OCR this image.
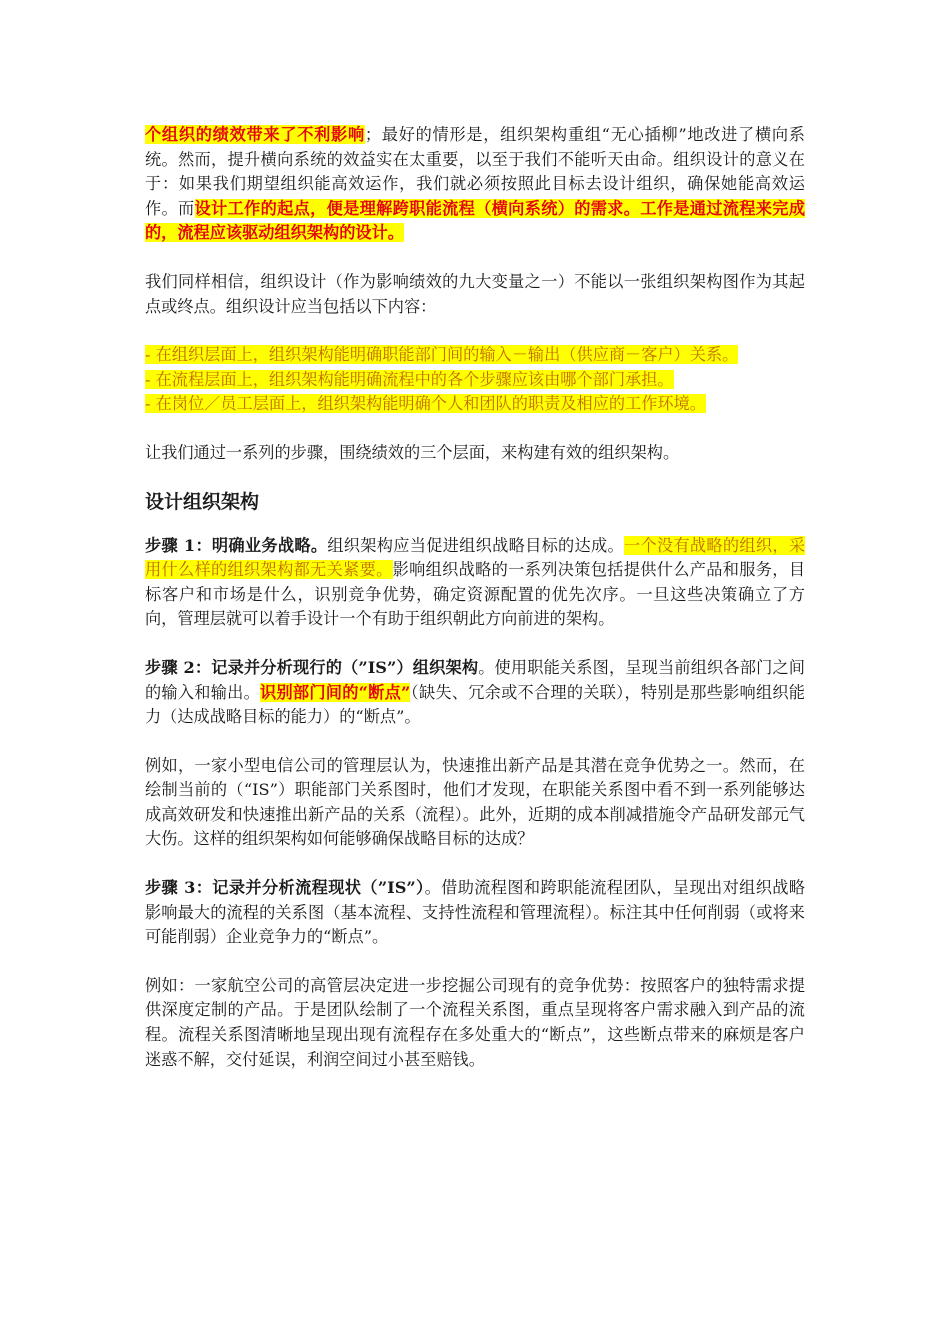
个组织的绩效带来了不利影响；最好的情形是，组织架构重组“无心插柳”地改进了横向系统。然而，提升横向系统的效益实在太重要，以至于我们不能听天由命。组织设计的意义在于：如果我们期望组织能高效运作，我们就必须按照此目标去设计组织，确保她能高效运作。而设计工作的起点，便是理解跨职能流程（横向系统）的需求。工作是通过流程来完成的，流程应该驱动组织架构的设计。

我们同样相信，组织设计（作为影响绩效的九大变量之一）不能以一张组织架构图作为其起点或终点。组织设计应当包括以下内容：

- 在组织层面上，组织架构能明确职能部门间的输入－输出（供应商－客户）关系。

- 在流程层面上，组织架构能明确流程中的各个步骤应该由哪个部门承担。

- 在岗位／员工层面上，组织架构能明确个人和团队的职责及相应的工作环境。

让我们通过一系列的步骤，围绕绩效的三个层面，来构建有效的组织架构。

设计组织架构

步骤 1：明确业务战略。组织架构应当促进组织战略目标的达成。一个没有战略的组织，采用什么样的组织架构都无关紧要。影响组织战略的一系列决策包括提供什么产品和服务，目标客户和市场是什么，识别竞争优势，确定资源配置的优先次序。一旦这些决策确立了方向，管理层就可以着手设计一个有助于组织朝此方向前进的架构。

步骤 2：记录并分析现行的（”IS”）组织架构。使用职能关系图，呈现当前组织各部门之间的输入和输出。识别部门间的“断点”（缺失、冗余或不合理的关联），特别是那些影响组织能力（达成战略目标的能力）的“断点”。

例如，一家小型电信公司的管理层认为，快速推出新产品是其潜在竞争优势之一。然而，在绘制当前的（“IS”）职能部门关系图时，他们才发现，在职能关系图中看不到一系列能够达成高效研发和快速推出新产品的关系（流程）。此外，近期的成本削减措施令产品研发部元气大伤。这样的组织架构如何能够确保战略目标的达成？

步骤 3：记录并分析流程现状（”IS”）。借助流程图和跨职能流程团队，呈现出对组织战略影响最大的流程的关系图（基本流程、支持性流程和管理流程）。标注其中任何削弱（或将来可能削弱）企业竞争力的“断点”。

例如：一家航空公司的高管层决定进一步挖掘公司现有的竞争优势：按照客户的独特需求提供深度定制的产品。于是团队绘制了一个流程关系图，重点呈现将客户需求融入到产品的流程。流程关系图清晰地呈现出现有流程存在多处重大的“断点”，这些断点带来的麻烦是客户迷惑不解，交付延误，利润空间过小甚至赔钱。
